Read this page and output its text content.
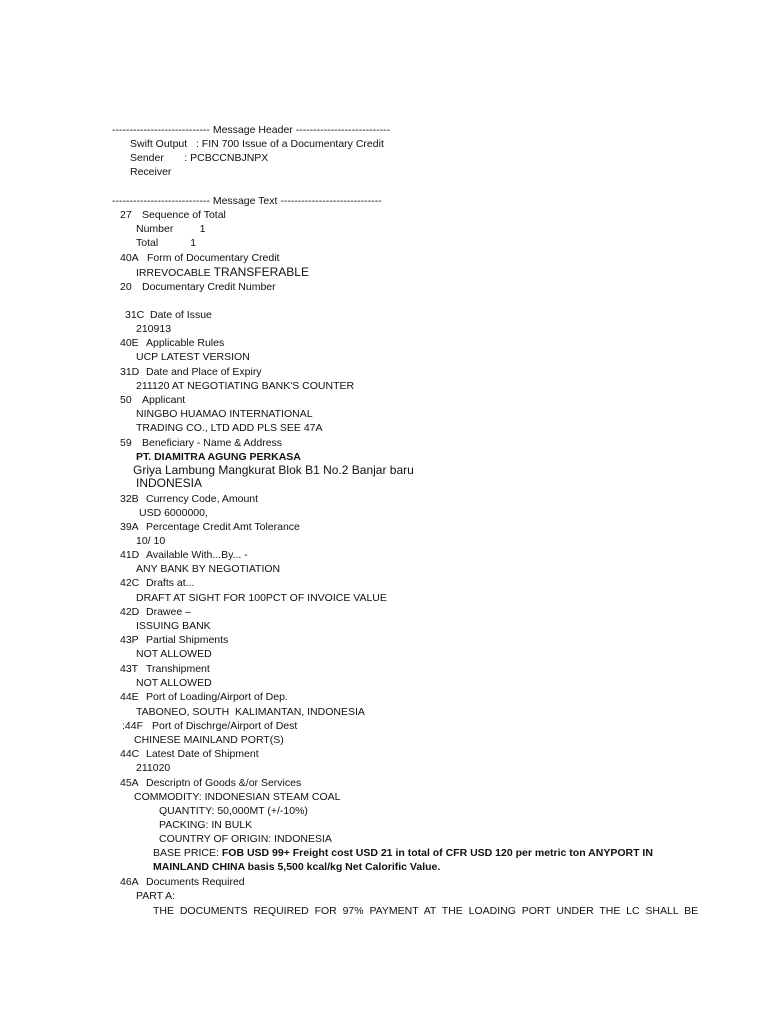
---------------------------- Message Header ---------------------------
Swift Output   : FIN 700 Issue of a Documentary Credit
Sender       : PCBCCNBJNPX
Receiver
---------------------------- Message Text -----------------------------
27 Sequence of Total
Number         1
Total           1
40A Form of Documentary Credit
IRREVOCABLE TRANSFERABLE
20 Documentary Credit Number
31C Date of Issue
210913
40E Applicable Rules
UCP LATEST VERSION
31D Date and Place of Expiry
211120 AT NEGOTIATING BANK'S COUNTER
50 Applicant
NINGBO HUAMAO INTERNATIONAL
TRADING CO., LTD ADD PLS SEE 47A
59 Beneficiary - Name & Address
PT. DIAMITRA AGUNG PERKASA
Griya Lambung Mangkurat Blok B1 No.2 Banjar baru
INDONESIA
32B Currency Code, Amount
USD 6000000,
39A Percentage Credit Amt Tolerance
10/ 10
41D Available With...By... -
ANY BANK BY NEGOTIATION
42C Drafts at...
DRAFT AT SIGHT FOR 100PCT OF INVOICE VALUE
42D Drawee –
ISSUING BANK
43P Partial Shipments
NOT ALLOWED
43T Transhipment
NOT ALLOWED
44E Port of Loading/Airport of Dep.
TABONEO, SOUTH  KALIMANTAN, INDONESIA
:44F Port of Dischrge/Airport of Dest
CHINESE MAINLAND PORT(S)
44C Latest Date of Shipment
211020
45A Descriptn of Goods &/or Services
COMMODITY: INDONESIAN STEAM COAL
QUANTITY: 50,000MT (+/-10%)
PACKING: IN BULK
COUNTRY OF ORIGIN: INDONESIA
BASE PRICE: FOB USD 99+ Freight cost USD 21 in total of CFR USD 120 per metric ton ANYPORT IN
MAINLAND CHINA basis 5,500 kcal/kg Net Calorific Value.
46A Documents Required
PART A:
THE  DOCUMENTS  REQUIRED  FOR  97%  PAYMENT  AT  THE  LOADING  PORT  UNDER  THE  LC  SHALL  BE
